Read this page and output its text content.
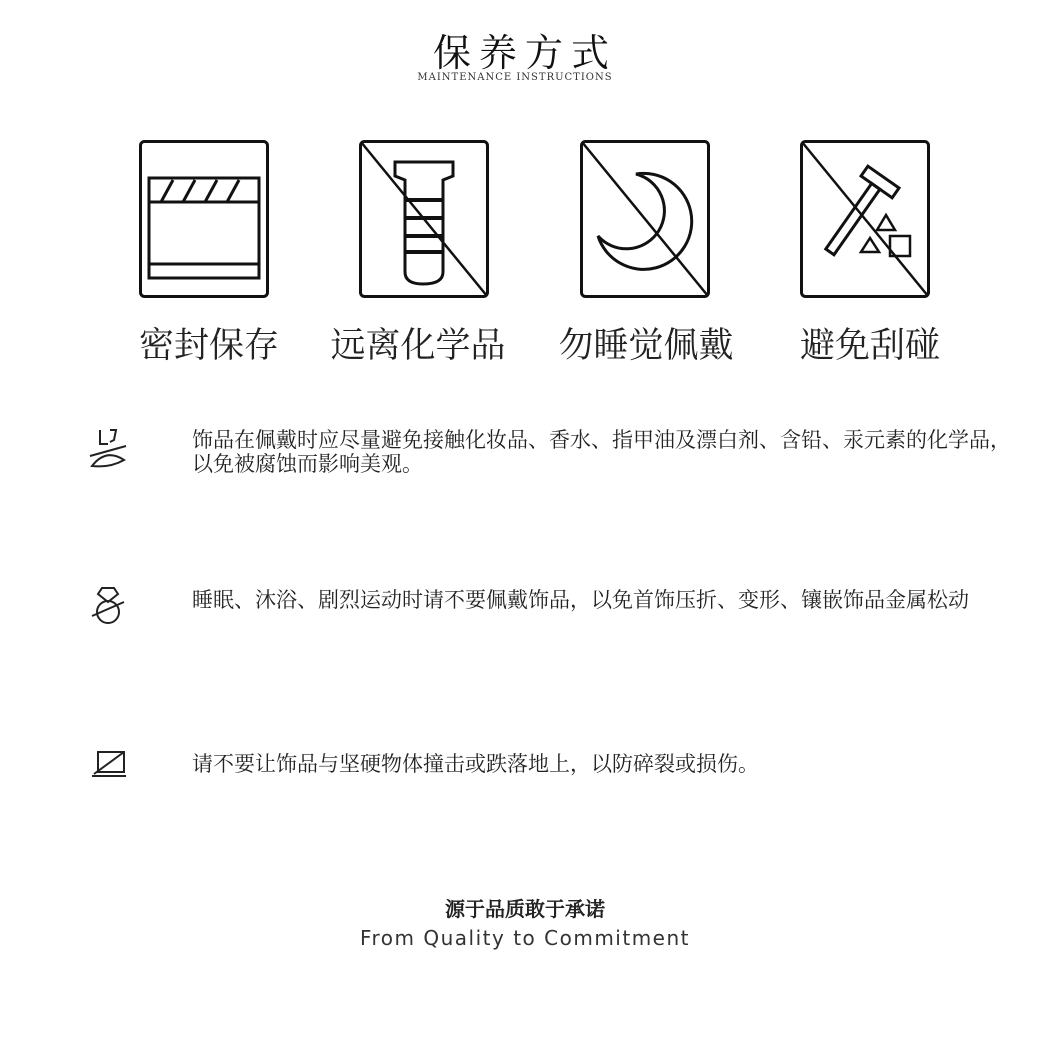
保养方式
MAINTENANCE INSTRUCTIONS
密封保存	远离化学品	勿睡觉佩戴	避免刮碰
饰品在佩戴时应尽量避免接触化妆品、香水、指甲油及漂白剂、含铅、汞元素的化学品，以免被腐蚀而影响美观。
睡眠、沐浴、剧烈运动时请不要佩戴饰品，以免首饰压折、变形、镶嵌饰品金属松动
请不要让饰品与坚硬物体撞击或跌落地上，以防碎裂或损伤。
源于品质敢于承诺
From Quality to Commitment
